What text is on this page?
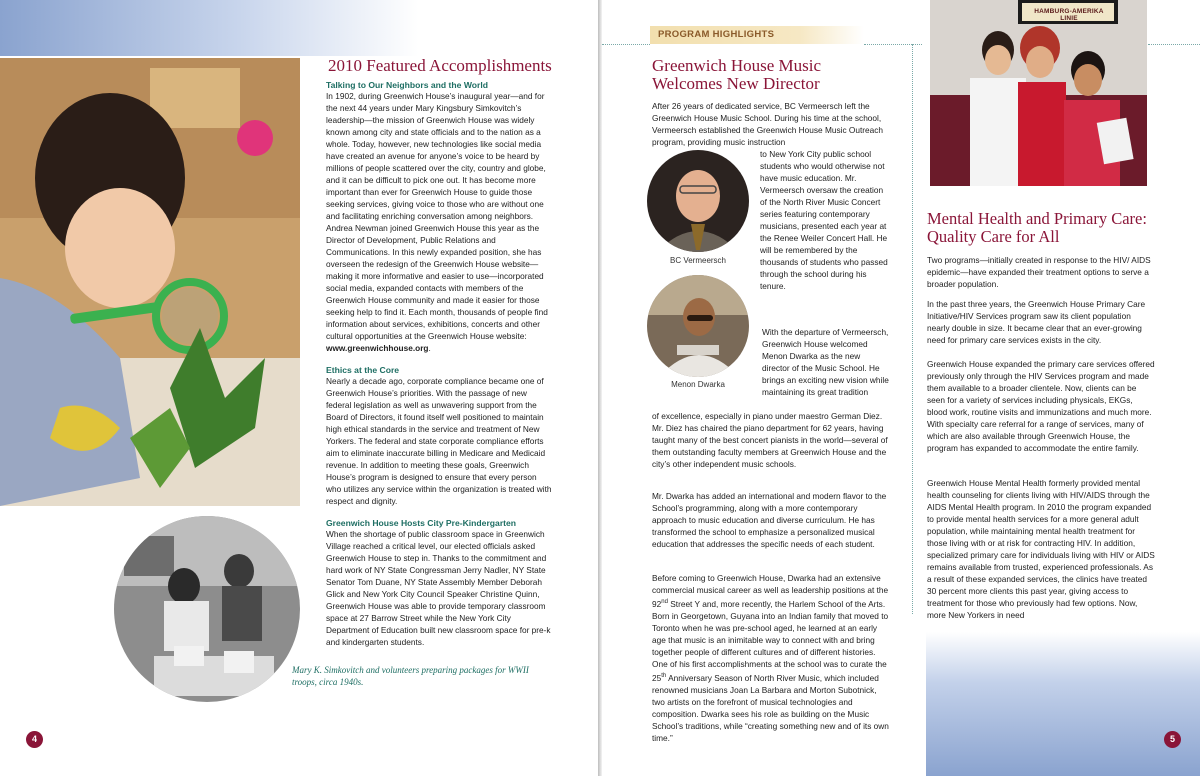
2010 Featured Accomplishments

Talking to Our Neighbors and the World

In 1902, during Greenwich House’s inaugural year—and for the next 44 years under Mary Kingsbury Simkovitch’s leadership—the mission of Greenwich House was widely known among city and state officials and to the nation as a whole. Today, however, new technologies like social media have created an avenue for anyone’s voice to be heard by millions of people scattered over the city, country and globe, and it can be difficult to pick one out. It has become more important than ever for Greenwich House to guide those seeking services, giving voice to those who are without one and facilitating enriching conversation among neighbors. Andrea Newman joined Greenwich House this year as the Director of Development, Public Relations and Communications. In this newly expanded position, she has overseen the redesign of the Greenwich House website—making it more informative and easier to use—incorporated social media, expanded contacts with members of the Greenwich House community and made it easier for those seeking help to find it. Each month, thousands of people find information about services, exhibitions, concerts and other cultural opportunities at the Greenwich House website: www.greenwichhouse.org.

Ethics at the Core

Nearly a decade ago, corporate compliance became one of Greenwich House’s priorities. With the passage of new federal legislation as well as unwavering support from the Board of Directors, it found itself well positioned to maintain high ethical standards in the service and treatment of New Yorkers. The federal and state corporate compliance efforts aim to eliminate inaccurate billing in Medicare and Medicaid revenue. In addition to meeting these goals, Greenwich House’s program is designed to ensure that every person who utilizes any service within the organization is treated with respect and dignity.

Greenwich House Hosts City Pre-Kindergarten

When the shortage of public classroom space in Greenwich Village reached a critical level, our elected officials asked Greenwich House to step in. Thanks to the commitment and hard work of NY State Congressman Jerry Nadler, NY State Senator Tom Duane, NY State Assembly Member Deborah Glick and New York City Council Speaker Christine Quinn, Greenwich House was able to provide temporary classroom space at 27 Barrow Street while the New York City Department of Education built new classroom space for pre-k and kindergarten students.

Mary K. Simkovitch and volunteers preparing packages for WWII troops, circa 1940s.
4
PROGRAM HIGHLIGHTS
HAMBURG-AMERIKA LINIE
Greenwich House Music
Welcomes New Director

After 26 years of dedicated service, BC Vermeersch left the Greenwich House Music School. During his time at the school, Vermeersch established the Greenwich House Music Outreach program, providing music instruction

BC Vermeersch
Menon Dwarka

to New York City public school students who would otherwise not have music education. Mr. Vermeersch oversaw the creation of the North River Music Concert series featuring contemporary musicians, presented each year at the Renee Weiler Concert Hall. He will be remembered by the thousands of students who passed through the school during his tenure.

With the departure of Vermeersch, Greenwich House welcomed Menon Dwarka as the new director of the Music School. He brings an exciting new vision while maintaining its great tradition

of excellence, especially in piano under maestro German Diez. Mr. Diez has chaired the piano department for 62 years, having taught many of the best concert pianists in the world—several of them outstanding faculty members at Greenwich House and the city’s other independent music schools.

Mr. Dwarka has added an international and modern flavor to the School’s programming, along with a more contemporary approach to music education and diverse curriculum. He has transformed the school to emphasize a personalized musical education that addresses the specific needs of each student.

Before coming to Greenwich House, Dwarka had an extensive commercial musical career as well as leadership positions at the 92nd Street Y and, more recently, the Harlem School of the Arts. Born in Georgetown, Guyana into an Indian family that moved to Toronto when he was pre-school aged, he learned at an early age that music is an inimitable way to connect with and bring together people of different cultures and of different histories. One of his first accomplishments at the school was to curate the 25th Anniversary Season of North River Music, which included renowned musicians Joan La Barbara and Morton Subotnick, two artists on the forefront of musical technologies and composition. Dwarka sees his role as building on the Music School’s traditions, while “creating something new and of its own time.”

Mental Health and Primary Care:
Quality Care for All

Two programs—initially created in response to the HIV/ AIDS epidemic—have expanded their treatment options to serve a broader population.

In the past three years, the Greenwich House Primary Care Initiative/HIV Services program saw its client population nearly double in size. It became clear that an ever-growing need for primary care services exists in the city.

Greenwich House expanded the primary care services offered previously only through the HIV Services program and made them available to a broader clientele. Now, clients can be seen for a variety of services including physicals, EKGs, blood work, routine visits and immunizations and much more. With specialty care referral for a range of services, many of which are also available through Greenwich House, the program has expanded to accommodate the entire family.

Greenwich House Mental Health formerly provided mental health counseling for clients living with HIV/AIDS through the AIDS Mental Health program. In 2010 the program expanded to provide mental health services for a more general adult population, while maintaining mental health treatment for those living with or at risk for contracting HIV. In addition, specialized primary care for individuals living with HIV or AIDS remains available from trusted, experienced professionals. As a result of these expanded services, the clinics have treated 30 percent more clients this past year, giving access to treatment for those who previously had few options. Now, more New Yorkers in need

5
